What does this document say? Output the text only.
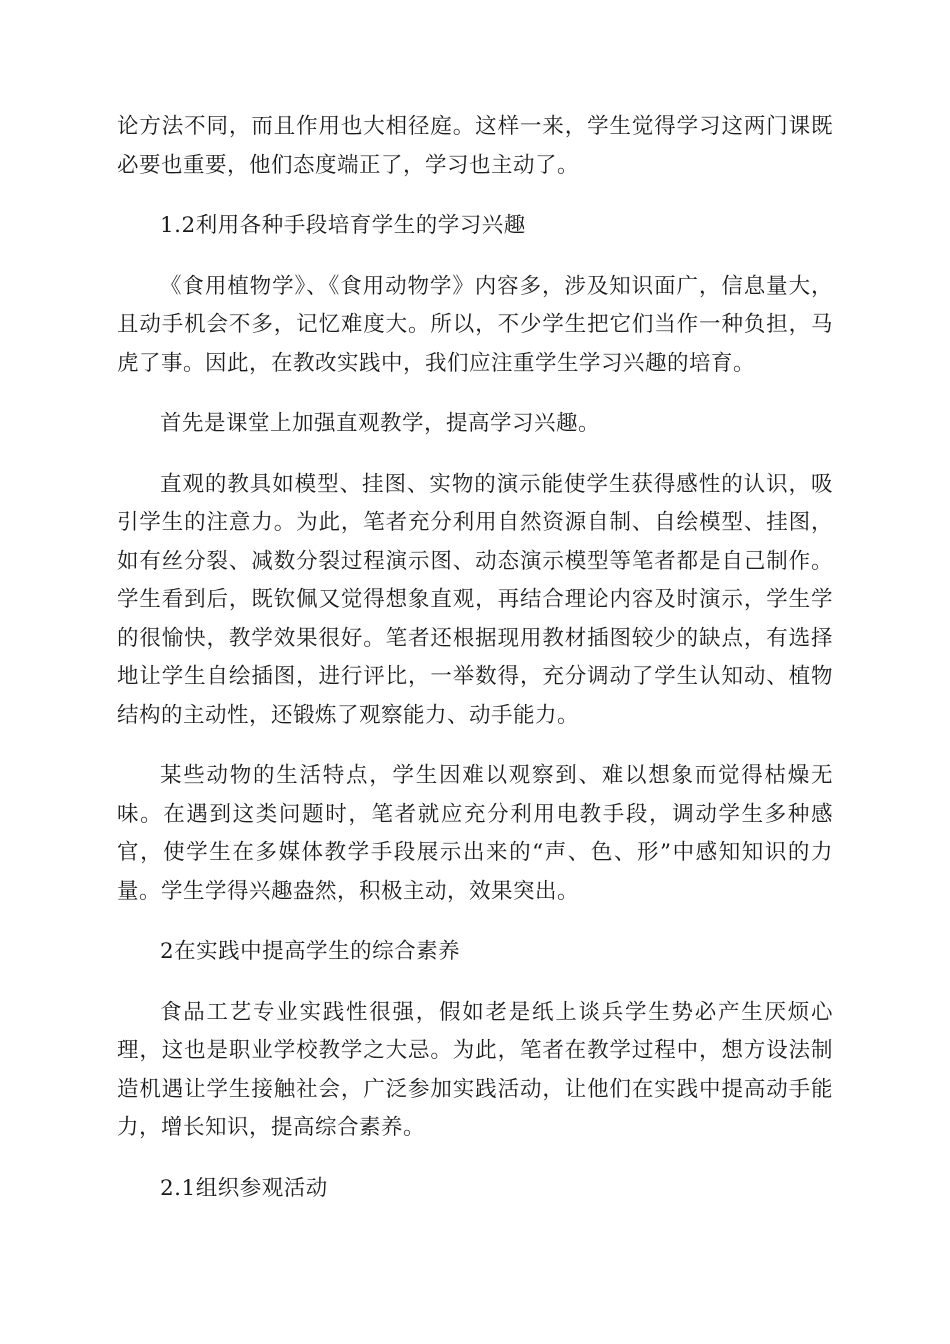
论方法不同，而且作用也大相径庭。这样一来，学生觉得学习这两门课既必要也重要，他们态度端正了，学习也主动了。

1.2利用各种手段培育学生的学习兴趣

《食用植物学》、《食用动物学》内容多，涉及知识面广，信息量大，且动手机会不多，记忆难度大。所以，不少学生把它们当作一种负担，马虎了事。因此，在教改实践中，我们应注重学生学习兴趣的培育。

首先是课堂上加强直观教学，提高学习兴趣。

直观的教具如模型、挂图、实物的演示能使学生获得感性的认识，吸引学生的注意力。为此，笔者充分利用自然资源自制、自绘模型、挂图，如有丝分裂、减数分裂过程演示图、动态演示模型等笔者都是自己制作。学生看到后，既钦佩又觉得想象直观，再结合理论内容及时演示，学生学的很愉快，教学效果很好。笔者还根据现用教材插图较少的缺点，有选择地让学生自绘插图，进行评比，一举数得，充分调动了学生认知动、植物结构的主动性，还锻炼了观察能力、动手能力。

某些动物的生活特点，学生因难以观察到、难以想象而觉得枯燥无味。在遇到这类问题时，笔者就应充分利用电教手段，调动学生多种感官，使学生在多媒体教学手段展示出来的“声、色、形”中感知知识的力量。学生学得兴趣盎然，积极主动，效果突出。

2在实践中提高学生的综合素养

食品工艺专业实践性很强，假如老是纸上谈兵学生势必产生厌烦心理，这也是职业学校教学之大忌。为此，笔者在教学过程中，想方设法制造机遇让学生接触社会，广泛参加实践活动，让他们在实践中提高动手能力，增长知识，提高综合素养。

2.1组织参观活动
